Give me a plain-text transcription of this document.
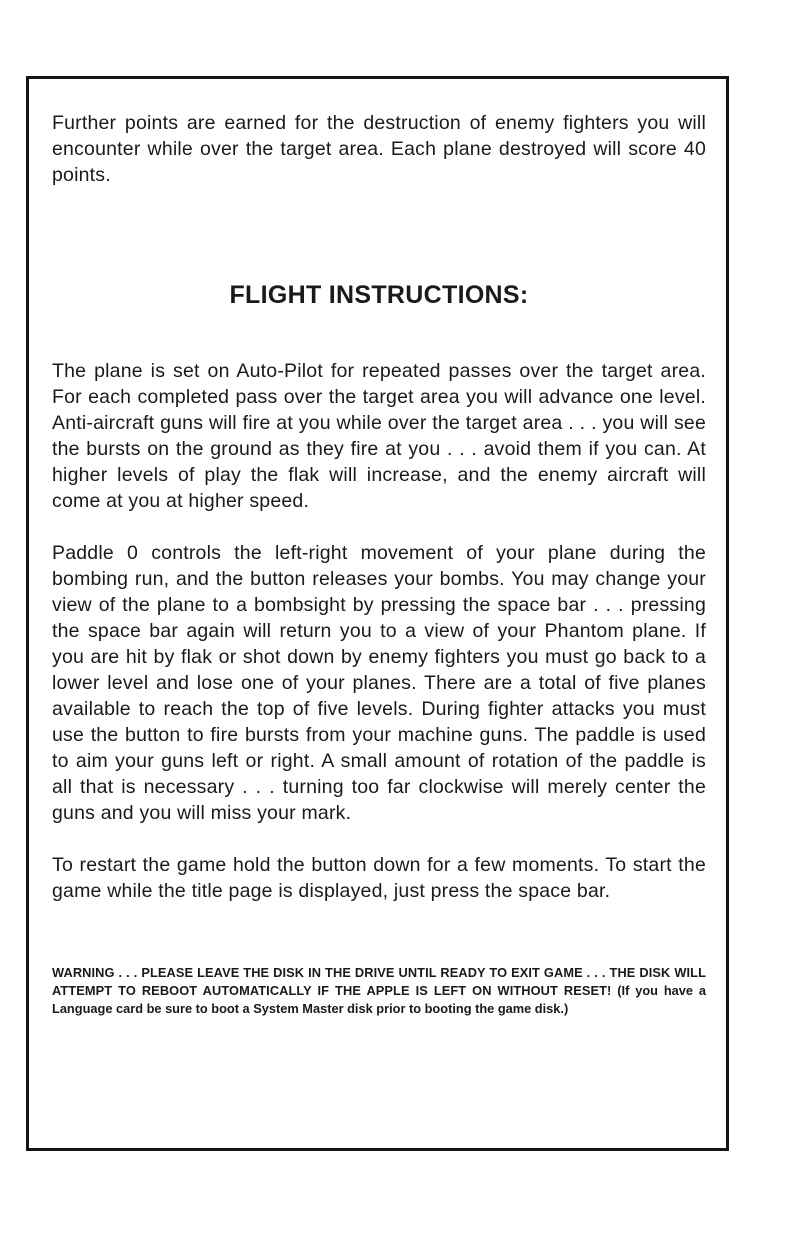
Further points are earned for the destruction of enemy fighters you will encounter while over the target area. Each plane destroyed will score 40 points.

FLIGHT INSTRUCTIONS:

The plane is set on Auto-Pilot for repeated passes over the target area. For each completed pass over the target area you will advance one level. Anti-aircraft guns will fire at you while over the target area . . . you will see the bursts on the ground as they fire at you . . . avoid them if you can. At higher levels of play the flak will increase, and the enemy aircraft will come at you at higher speed.

Paddle 0 controls the left-right movement of your plane during the bombing run, and the button releases your bombs. You may change your view of the plane to a bombsight by pressing the space bar . . . pressing the space bar again will return you to a view of your Phantom plane. If you are hit by flak or shot down by enemy fighters you must go back to a lower level and lose one of your planes. There are a total of five planes available to reach the top of five levels. During fighter attacks you must use the button to fire bursts from your machine guns. The paddle is used to aim your guns left or right. A small amount of rotation of the paddle is all that is necessary . . . turning too far clockwise will merely center the guns and you will miss your mark.

To restart the game hold the button down for a few moments. To start the game while the title page is displayed, just press the space bar.

WARNING . . . PLEASE LEAVE THE DISK IN THE DRIVE UNTIL READY TO EXIT GAME . . . THE DISK WILL ATTEMPT TO REBOOT AUTOMATICALLY IF THE APPLE IS LEFT ON WITHOUT RESET! (If you have a Language card be sure to boot a System Master disk prior to booting the game disk.)
